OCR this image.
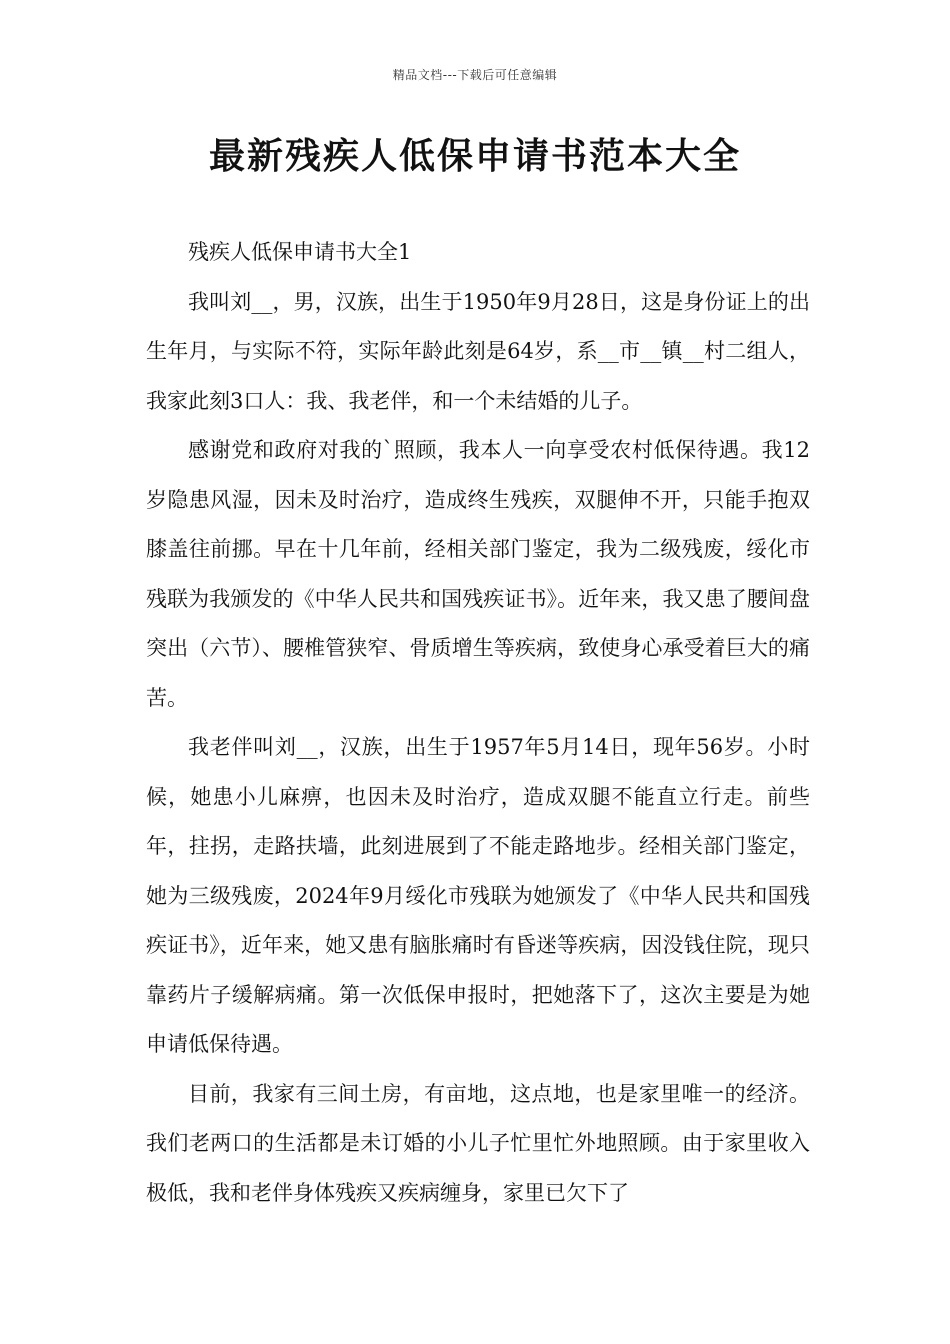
精品文档---下载后可任意编辑
最新残疾人低保申请书范本大全

残疾人低保申请书大全1

我叫刘__，男，汉族，出生于1950年9月28日，这是身份证上的出生年月，与实际不符，实际年龄此刻是64岁，系__市__镇__村二组人，我家此刻3口人：我、我老伴，和一个未结婚的儿子。

感谢党和政府对我的`照顾，我本人一向享受农村低保待遇。我12岁隐患风湿，因未及时治疗，造成终生残疾，双腿伸不开，只能手抱双膝盖往前挪。早在十几年前，经相关部门鉴定，我为二级残废，绥化市残联为我颁发的《中华人民共和国残疾证书》。近年来，我又患了腰间盘突出（六节）、腰椎管狭窄、骨质增生等疾病，致使身心承受着巨大的痛苦。

我老伴叫刘__，汉族，出生于1957年5月14日，现年56岁。小时候，她患小儿麻痹，也因未及时治疗，造成双腿不能直立行走。前些年，拄拐，走路扶墙，此刻进展到了不能走路地步。经相关部门鉴定，她为三级残废，2024年9月绥化市残联为她颁发了《中华人民共和国残疾证书》，近年来，她又患有脑胀痛时有昏迷等疾病，因没钱住院，现只靠药片子缓解病痛。第一次低保申报时，把她落下了，这次主要是为她申请低保待遇。

目前，我家有三间土房，有亩地，这点地，也是家里唯一的经济。我们老两口的生活都是未订婚的小儿子忙里忙外地照顾。由于家里收入极低，我和老伴身体残疾又疾病缠身，家里已欠下了
